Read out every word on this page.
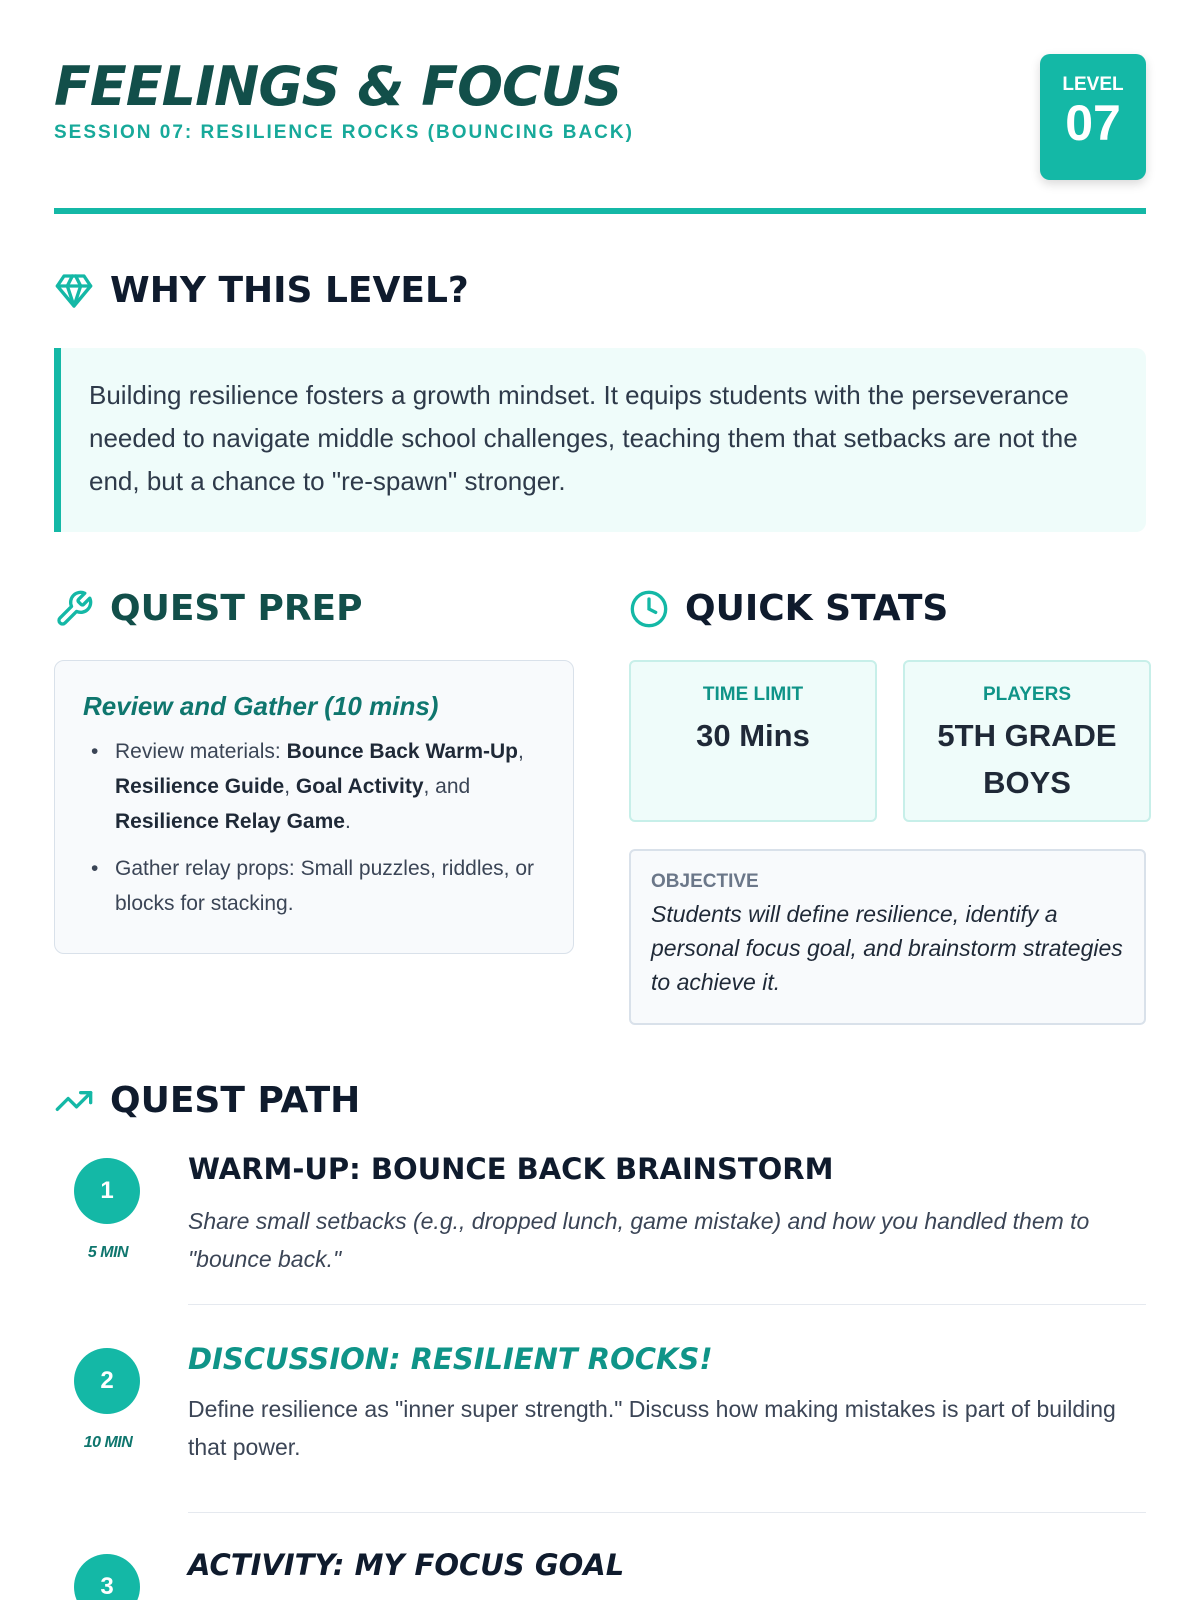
FEELINGS & FOCUS
SESSION 07: RESILIENCE ROCKS (BOUNCING BACK)
LEVEL
07
WHY THIS LEVEL?
Building resilience fosters a growth mindset. It equips students with the perseverance needed to navigate middle school challenges, teaching them that setbacks are not the end, but a chance to "re-spawn" stronger.
QUEST PREP	QUICK STATS
Review and Gather (10 mins)
• Review materials: Bounce Back Warm-Up, Resilience Guide, Goal Activity, and Resilience Relay Game.
• Gather relay props: Small puzzles, riddles, or blocks for stacking.
TIME LIMIT
30 Mins
PLAYERS
5TH GRADE BOYS
OBJECTIVE
Students will define resilience, identify a personal focus goal, and brainstorm strategies to achieve it.
QUEST PATH
1
5 MIN
WARM-UP: BOUNCE BACK BRAINSTORM
Share small setbacks (e.g., dropped lunch, game mistake) and how you handled them to "bounce back."
2
10 MIN
DISCUSSION: RESILIENT ROCKS!
Define resilience as "inner super strength." Discuss how making mistakes is part of building that power.
3
ACTIVITY: MY FOCUS GOAL
